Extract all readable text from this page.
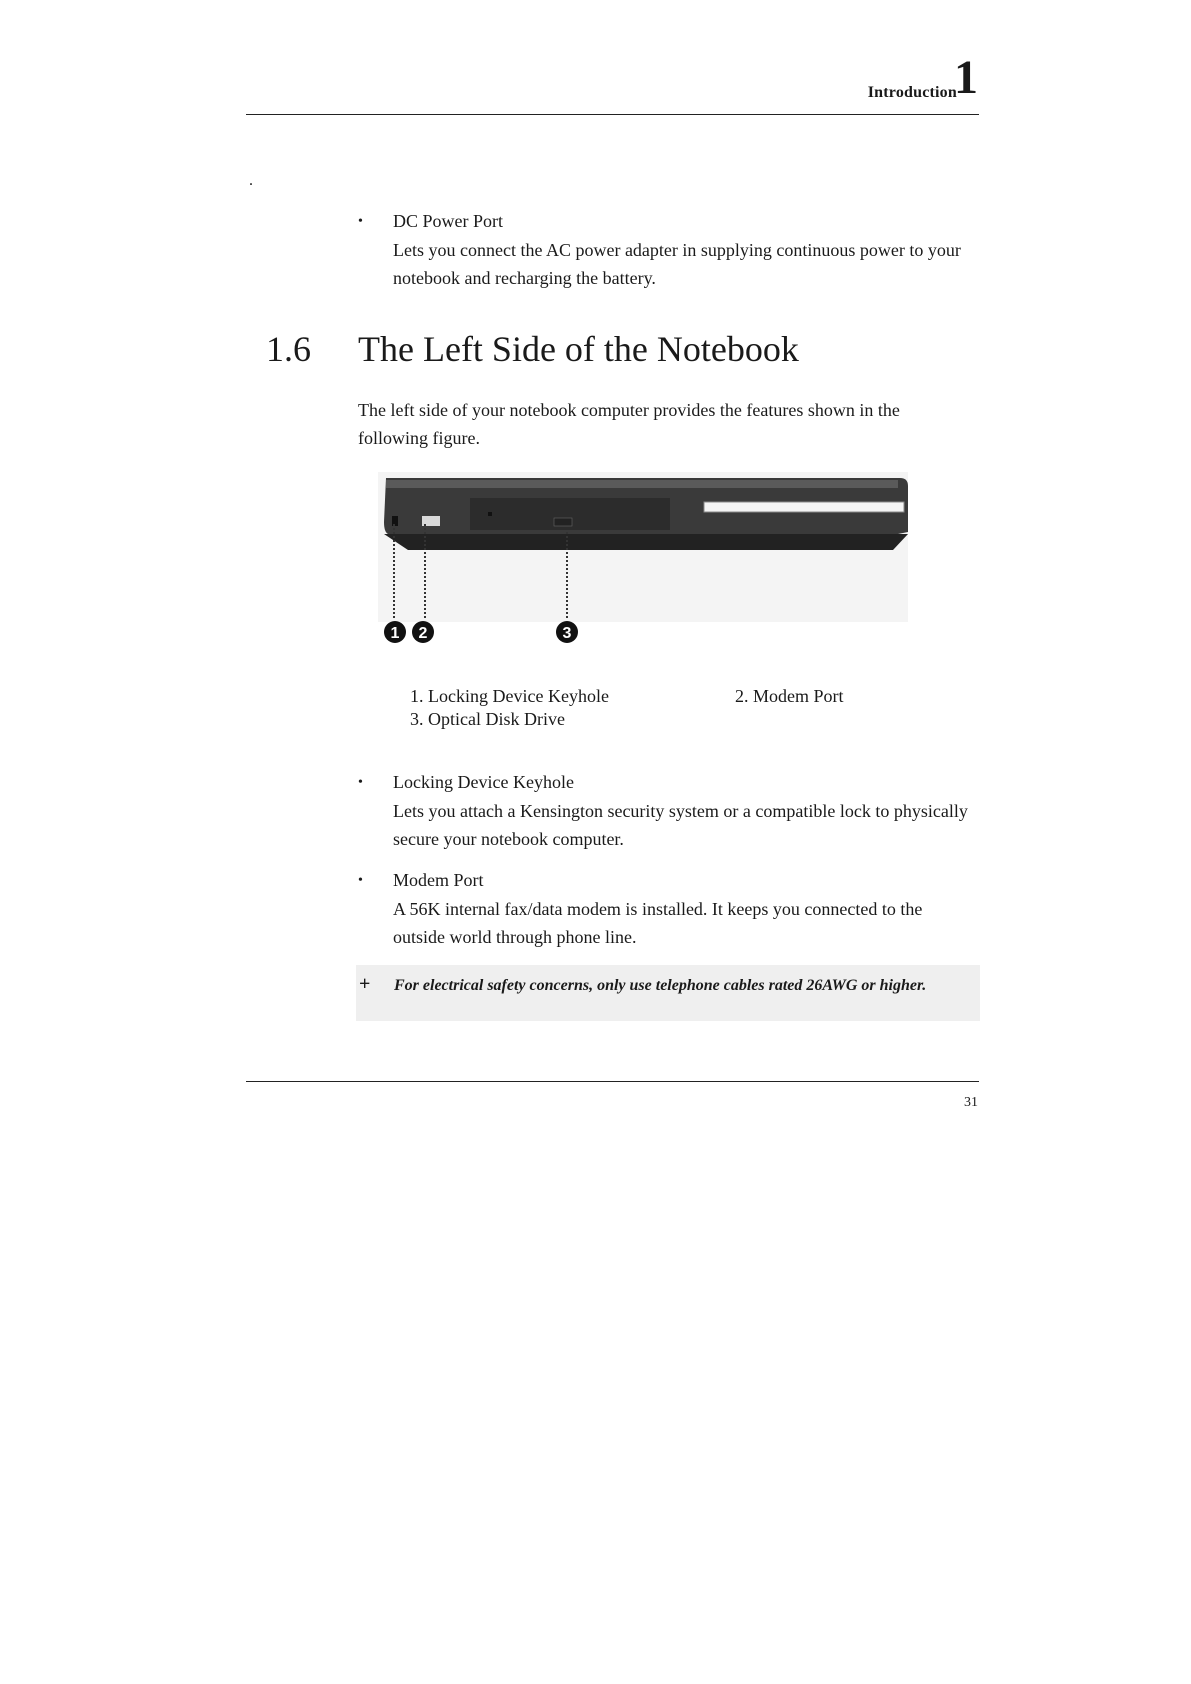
Introduction
1
.
• DC Power Port
Lets you connect the AC power adapter in supplying continuous power to your notebook and recharging the battery.
1.6 The Left Side of the Notebook
The left side of your notebook computer provides the features shown in the following figure.
1 2	3
1. Locking Device Keyhole	2. Modem Port
3. Optical Disk Drive
• Locking Device Keyhole
Lets you attach a Kensington security system or a compatible lock to physically secure your notebook computer.
• Modem Port
A 56K internal fax/data modem is installed. It keeps you connected to the outside world through phone line.
+ For electrical safety concerns, only use telephone cables rated 26AWG or higher.
31
